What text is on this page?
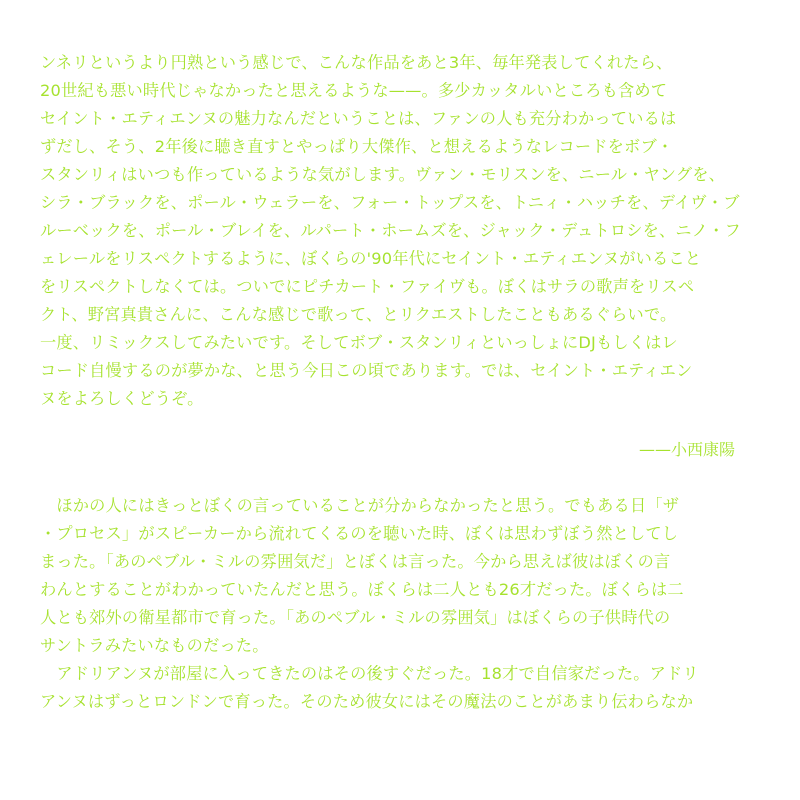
ンネリというより円熟という感じで、こんな作品をあと3年、毎年発表してくれたら、
20世紀も悪い時代じゃなかったと思えるような——。多少カッタルいところも含めて
セイント・エティエンヌの魅力なんだということは、ファンの人も充分わかっているは
ずだし、そう、2年後に聴き直すとやっぱり大傑作、と想えるようなレコードをボブ・
スタンリィはいつも作っているような気がします。ヴァン・モリスンを、ニール・ヤングを、
シラ・ブラックを、ポール・ウェラーを、フォー・トップスを、トニィ・ハッチを、デイヴ・ブ
ルーベックを、ポール・ブレイを、ルパート・ホームズを、ジャック・デュトロシを、ニノ・フ
ェレールをリスペクトするように、ぼくらの'90年代にセイント・エティエンヌがいること
をリスペクトしなくては。ついでにピチカート・ファイヴも。ぼくはサラの歌声をリスペ
クト、野宮真貴さんに、こんな感じで歌って、とリクエストしたこともあるぐらいで。
一度、リミックスしてみたいです。そしてボブ・スタンリィといっしょにDJもしくはレ
コード自慢するのが夢かな、と思う今日この頃であります。では、セイント・エティエン
ヌをよろしくどうぞ。
——小西康陽
　ほかの人にはきっとぼくの言っていることが分からなかったと思う。でもある日「ザ
・プロセス」がスピーカーから流れてくるのを聴いた時、ぼくは思わずぼう然としてし
まった。「あのペブル・ミルの雰囲気だ」とぼくは言った。今から思えば彼はぼくの言
わんとすることがわかっていたんだと思う。ぼくらは二人とも26才だった。ぼくらは二
人とも郊外の衛星都市で育った。「あのペブル・ミルの雰囲気」はぼくらの子供時代の
サントラみたいなものだった。
　アドリアンヌが部屋に入ってきたのはその後すぐだった。18才で自信家だった。アドリ
アンヌはずっとロンドンで育った。そのため彼女にはその魔法のことがあまり伝わらなか
